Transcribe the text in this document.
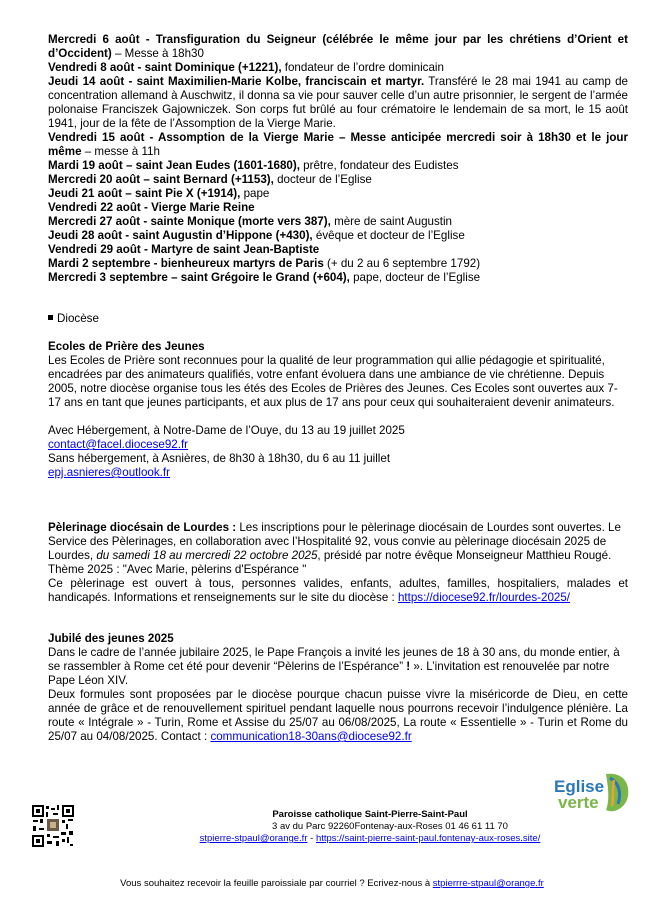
Mercredi 6 août - Transfiguration du Seigneur (célébrée le même jour par les chrétiens d’Orient et d’Occident) – Messe à 18h30

Vendredi 8 août - saint Dominique (+1221), fondateur de l’ordre dominicain

Jeudi 14 août - saint Maximilien-Marie Kolbe, franciscain et martyr. Transféré le 28 mai 1941 au camp de concentration allemand à Auschwitz, il donna sa vie pour sauver celle d’un autre prisonnier, le sergent de l’armée polonaise Franciszek Gajowniczek. Son corps fut brûlé au four crématoire le lendemain de sa mort, le 15 août 1941, jour de la fête de l’Assomption de la Vierge Marie.

Vendredi 15 août - Assomption de la Vierge Marie – Messe anticipée mercredi soir à 18h30 et le jour même – messe à 11h

Mardi 19 août – saint Jean Eudes (1601-1680), prêtre, fondateur des Eudistes

Mercredi 20 août – saint Bernard (+1153), docteur de l’Eglise

Jeudi 21 août – saint Pie X (+1914), pape

Vendredi 22 août - Vierge Marie Reine

Mercredi 27 août - sainte Monique (morte vers 387), mère de saint Augustin

Jeudi 28 août - saint Augustin d’Hippone (+430), évêque et docteur de l’Eglise

Vendredi 29 août - Martyre de saint Jean-Baptiste

Mardi 2 septembre - bienheureux martyrs de Paris (+ du 2 au 6 septembre 1792)

Mercredi 3 septembre – saint Grégoire le Grand (+604), pape, docteur de l’Eglise

Diocèse

Ecoles de Prière des Jeunes

Les Ecoles de Prière sont reconnues pour la qualité de leur programmation qui allie pédagogie et spiritualité, encadrées par des animateurs qualifiés, votre enfant évoluera dans une ambiance de vie chrétienne. Depuis 2005, notre diocèse organise tous les étés des Ecoles de Prières des Jeunes. Ces Ecoles sont ouvertes aux 7-17 ans en tant que jeunes participants, et aux plus de 17 ans pour ceux qui souhaiteraient devenir animateurs.

Avec Hébergement, à Notre-Dame de l’Ouye, du 13 au 19 juillet 2025

contact@facel.diocese92.fr

Sans hébergement, à Asnières, de 8h30 à 18h30, du 6 au 11 juillet

epj.asnieres@outlook.fr

Pèlerinage diocésain de Lourdes : Les inscriptions pour le pèlerinage diocésain de Lourdes sont ouvertes. Le Service des Pèlerinages, en collaboration avec l’Hospitalité 92, vous convie au pèlerinage diocésain 2025 de Lourdes, du samedi 18 au mercredi 22 octobre 2025, présidé par notre évêque Monseigneur Matthieu Rougé. Thème 2025 : "Avec Marie, pèlerins d'Espérance "

Ce pèlerinage est ouvert à tous, personnes valides, enfants, adultes, familles, hospitaliers, malades et handicapés. Informations et renseignements sur le site du diocèse : https://diocese92.fr/lourdes-2025/

Jubilé des jeunes 2025

Dans le cadre de l’année jubilaire 2025, le Pape François a invité les jeunes de 18 à 30 ans, du monde entier, à se rassembler à Rome cet été pour devenir “Pèlerins de l’Espérance” ! ». L’invitation est renouvelée par notre Pape Léon XIV.

Deux formules sont proposées par le diocèse pourque chacun puisse vivre la miséricorde de Dieu, en cette année de grâce et de renouvellement spirituel pendant laquelle nous pourrons recevoir l’indulgence plénière. La route « Intégrale » - Turin, Rome et Assise du 25/07 au 06/08/2025, La route « Essentielle » - Turin et Rome du 25/07 au 04/08/2025. Contact : communication18-30ans@diocese92.fr

Eglise
verte

Paroisse catholique Saint-Pierre-Saint-Paul

3 av du Parc 92260Fontenay-aux-Roses 01 46 61 11 70

stpierre-stpaul@orange.fr - https://saint-pierre-saint-paul.fontenay-aux-roses.site/

Vous souhaitez recevoir la feuille paroissiale par courriel ? Ecrivez-nous à stpierrre-stpaul@orange.fr
